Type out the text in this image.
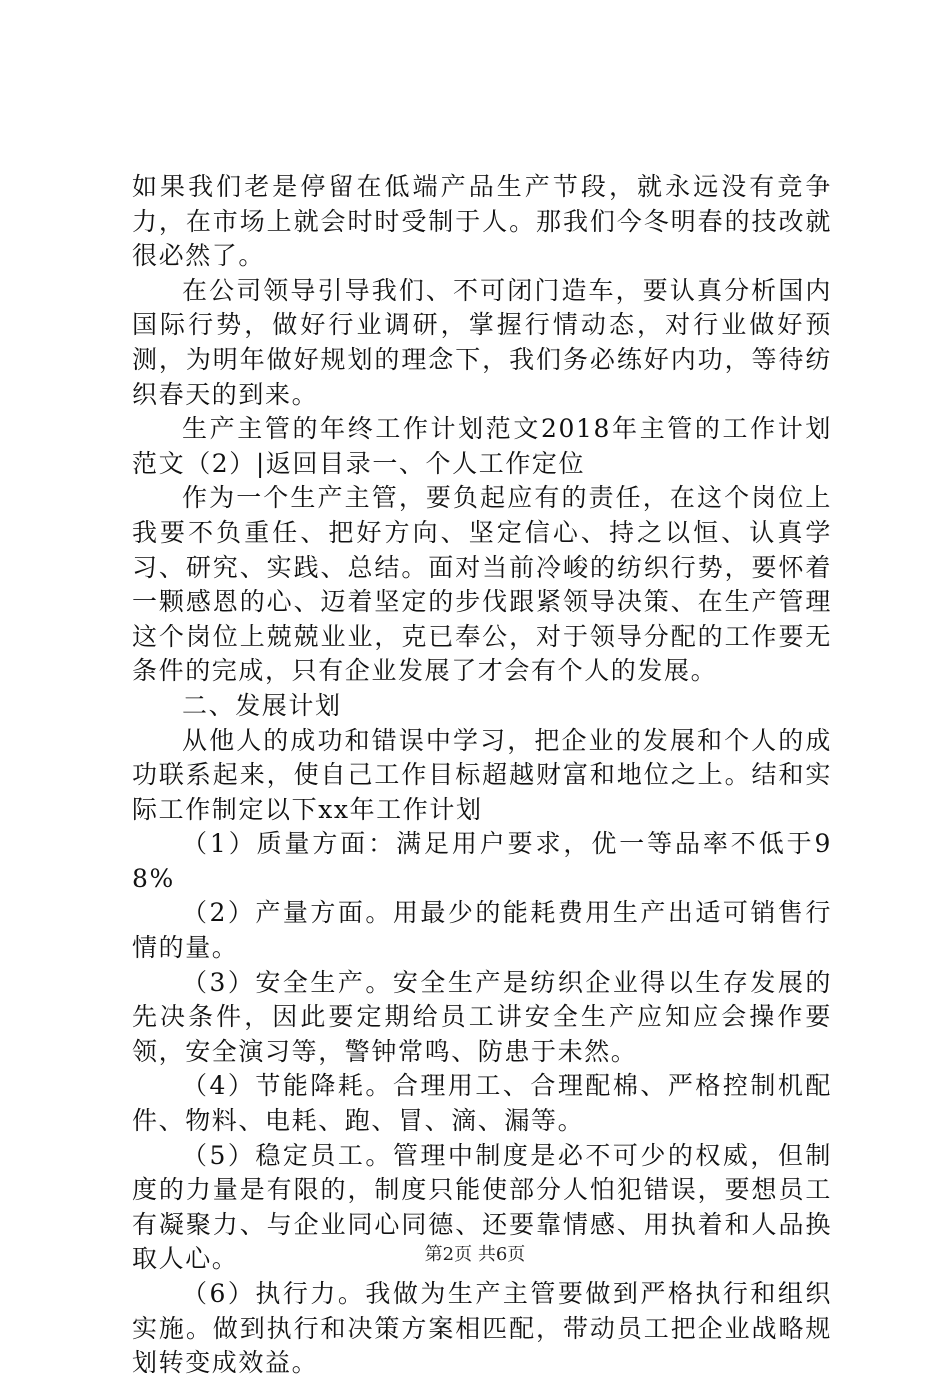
如果我们老是停留在低端产品生产节段，就永远没有竞争力，在市场上就会时时受制于人。那我们今冬明春的技改就很必然了。

在公司领导引导我们、不可闭门造车，要认真分析国内国际行势，做好行业调研，掌握行情动态，对行业做好预测，为明年做好规划的理念下，我们务必练好内功，等待纺织春天的到来。

生产主管的年终工作计划范文2018年主管的工作计划范文（2）|返回目录一、个人工作定位

作为一个生产主管，要负起应有的责任，在这个岗位上我要不负重任、把好方向、坚定信心、持之以恒、认真学习、研究、实践、总结。面对当前冷峻的纺织行势，要怀着一颗感恩的心、迈着坚定的步伐跟紧领导决策、在生产管理这个岗位上兢兢业业，克已奉公，对于领导分配的工作要无条件的完成，只有企业发展了才会有个人的发展。

二、发展计划

从他人的成功和错误中学习，把企业的发展和个人的成功联系起来，使自己工作目标超越财富和地位之上。结和实际工作制定以下xx年工作计划

（1）质量方面：满足用户要求，优一等品率不低于98%

（2）产量方面。用最少的能耗费用生产出适可销售行情的量。

（3）安全生产。安全生产是纺织企业得以生存发展的先决条件，因此要定期给员工讲安全生产应知应会操作要领，安全演习等，警钟常鸣、防患于未然。

（4）节能降耗。合理用工、合理配棉、严格控制机配件、物料、电耗、跑、冒、滴、漏等。

（5）稳定员工。管理中制度是必不可少的权威，但制度的力量是有限的，制度只能使部分人怕犯错误，要想员工有凝聚力、与企业同心同德、还要靠情感、用执着和人品换取人心。

（6）执行力。我做为生产主管要做到严格执行和组织实施。做到执行和决策方案相匹配，带动员工把企业战略规划转变成效益。

第2页 共6页
